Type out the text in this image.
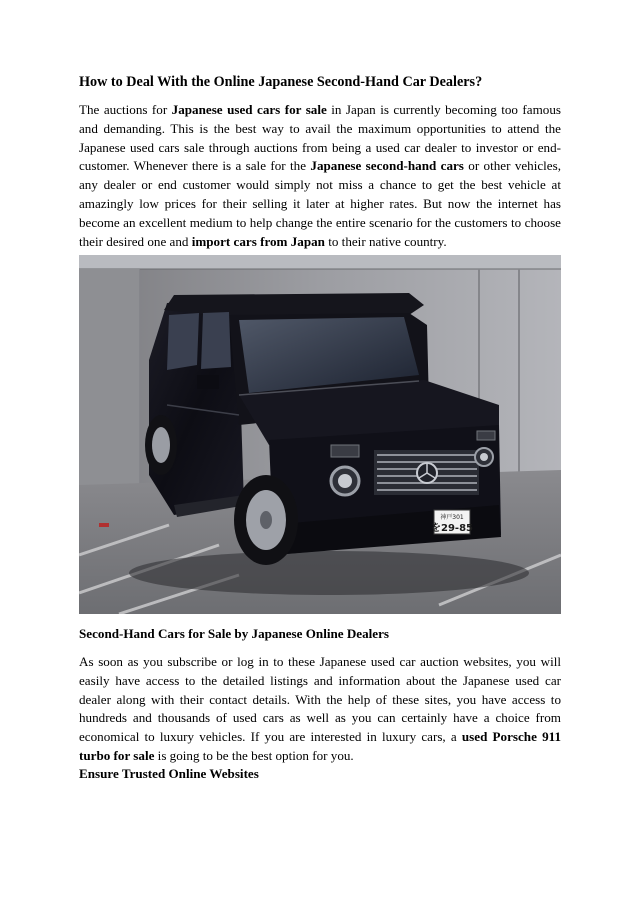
How to Deal With the Online Japanese Second-Hand Car Dealers?

The auctions for Japanese used cars for sale in Japan is currently becoming too famous and demanding. This is the best way to avail the maximum opportunities to attend the Japanese used cars sale through auctions from being a used car dealer to investor or end-customer. Whenever there is a sale for the Japanese second-hand cars or other vehicles, any dealer or end customer would simply not miss a chance to get the best vehicle at amazingly low prices for their selling it later at higher rates. But now the internet has become an excellent medium to help change the entire scenario for the customers to choose their desired one and import cars from Japan to their native country.

神戸301
を29-85
Second-Hand Cars for Sale by Japanese Online Dealers

As soon as you subscribe or log in to these Japanese used car auction websites, you will easily have access to the detailed listings and information about the Japanese used car dealer along with their contact details. With the help of these sites, you have access to hundreds and thousands of used cars as well as you can certainly have a choice from economical to luxury vehicles. If you are interested in luxury cars, a used Porsche 911 turbo for sale is going to be the best option for you.

Ensure Trusted Online Websites
